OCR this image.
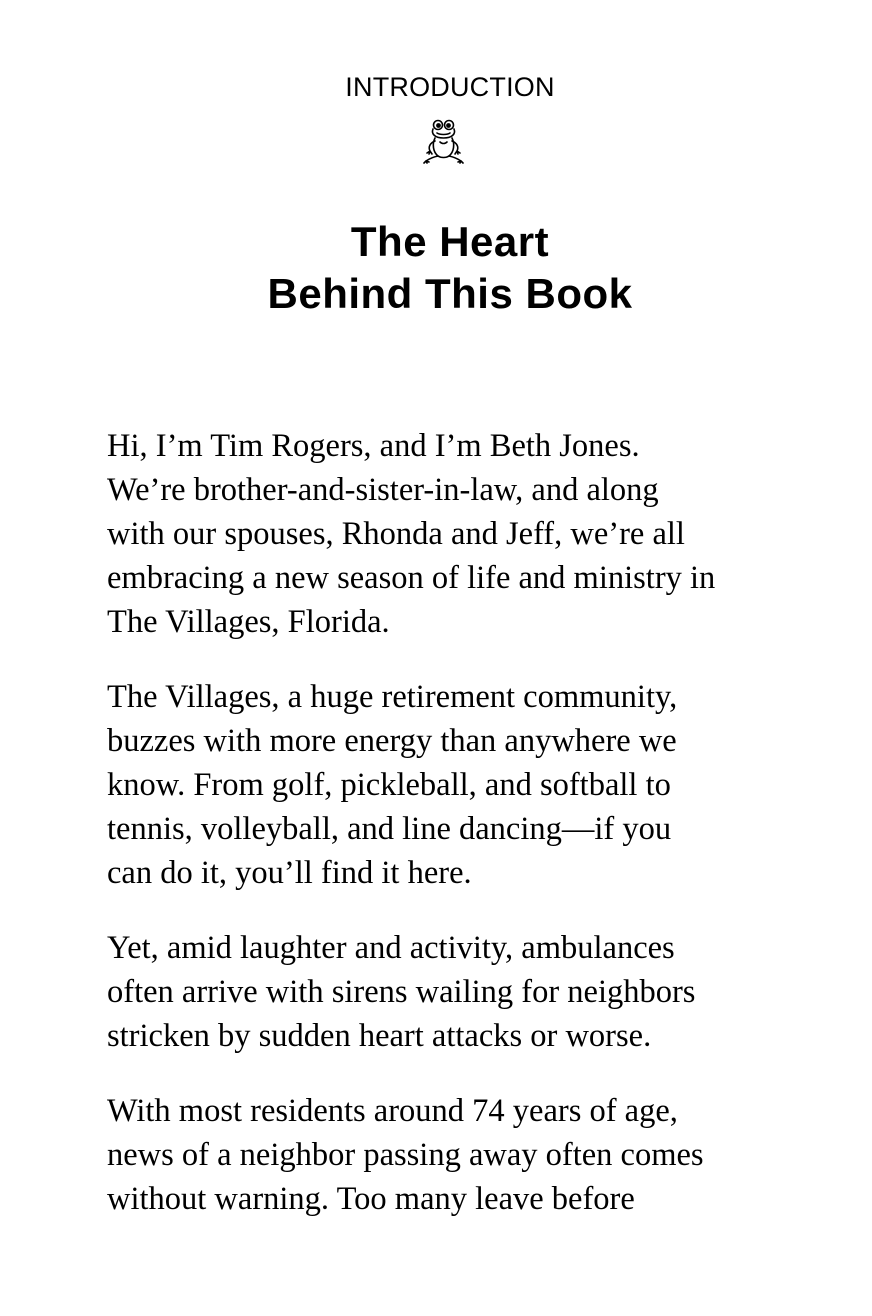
INTRODUCTION
The Heart
Behind This Book

Hi, I’m Tim Rogers, and I’m Beth Jones.
We’re brother-and-sister-in-law, and along
with our spouses, Rhonda and Jeff, we’re all
embracing a new season of life and ministry in
The Villages, Florida.

The Villages, a huge retirement community,
buzzes with more energy than anywhere we
know. From golf, pickleball, and softball to
tennis, volleyball, and line dancing—if you
can do it, you’ll find it here.

Yet, amid laughter and activity, ambulances
often arrive with sirens wailing for neighbors
stricken by sudden heart attacks or worse.

With most residents around 74 years of age,
news of a neighbor passing away often comes
without warning. Too many leave before
